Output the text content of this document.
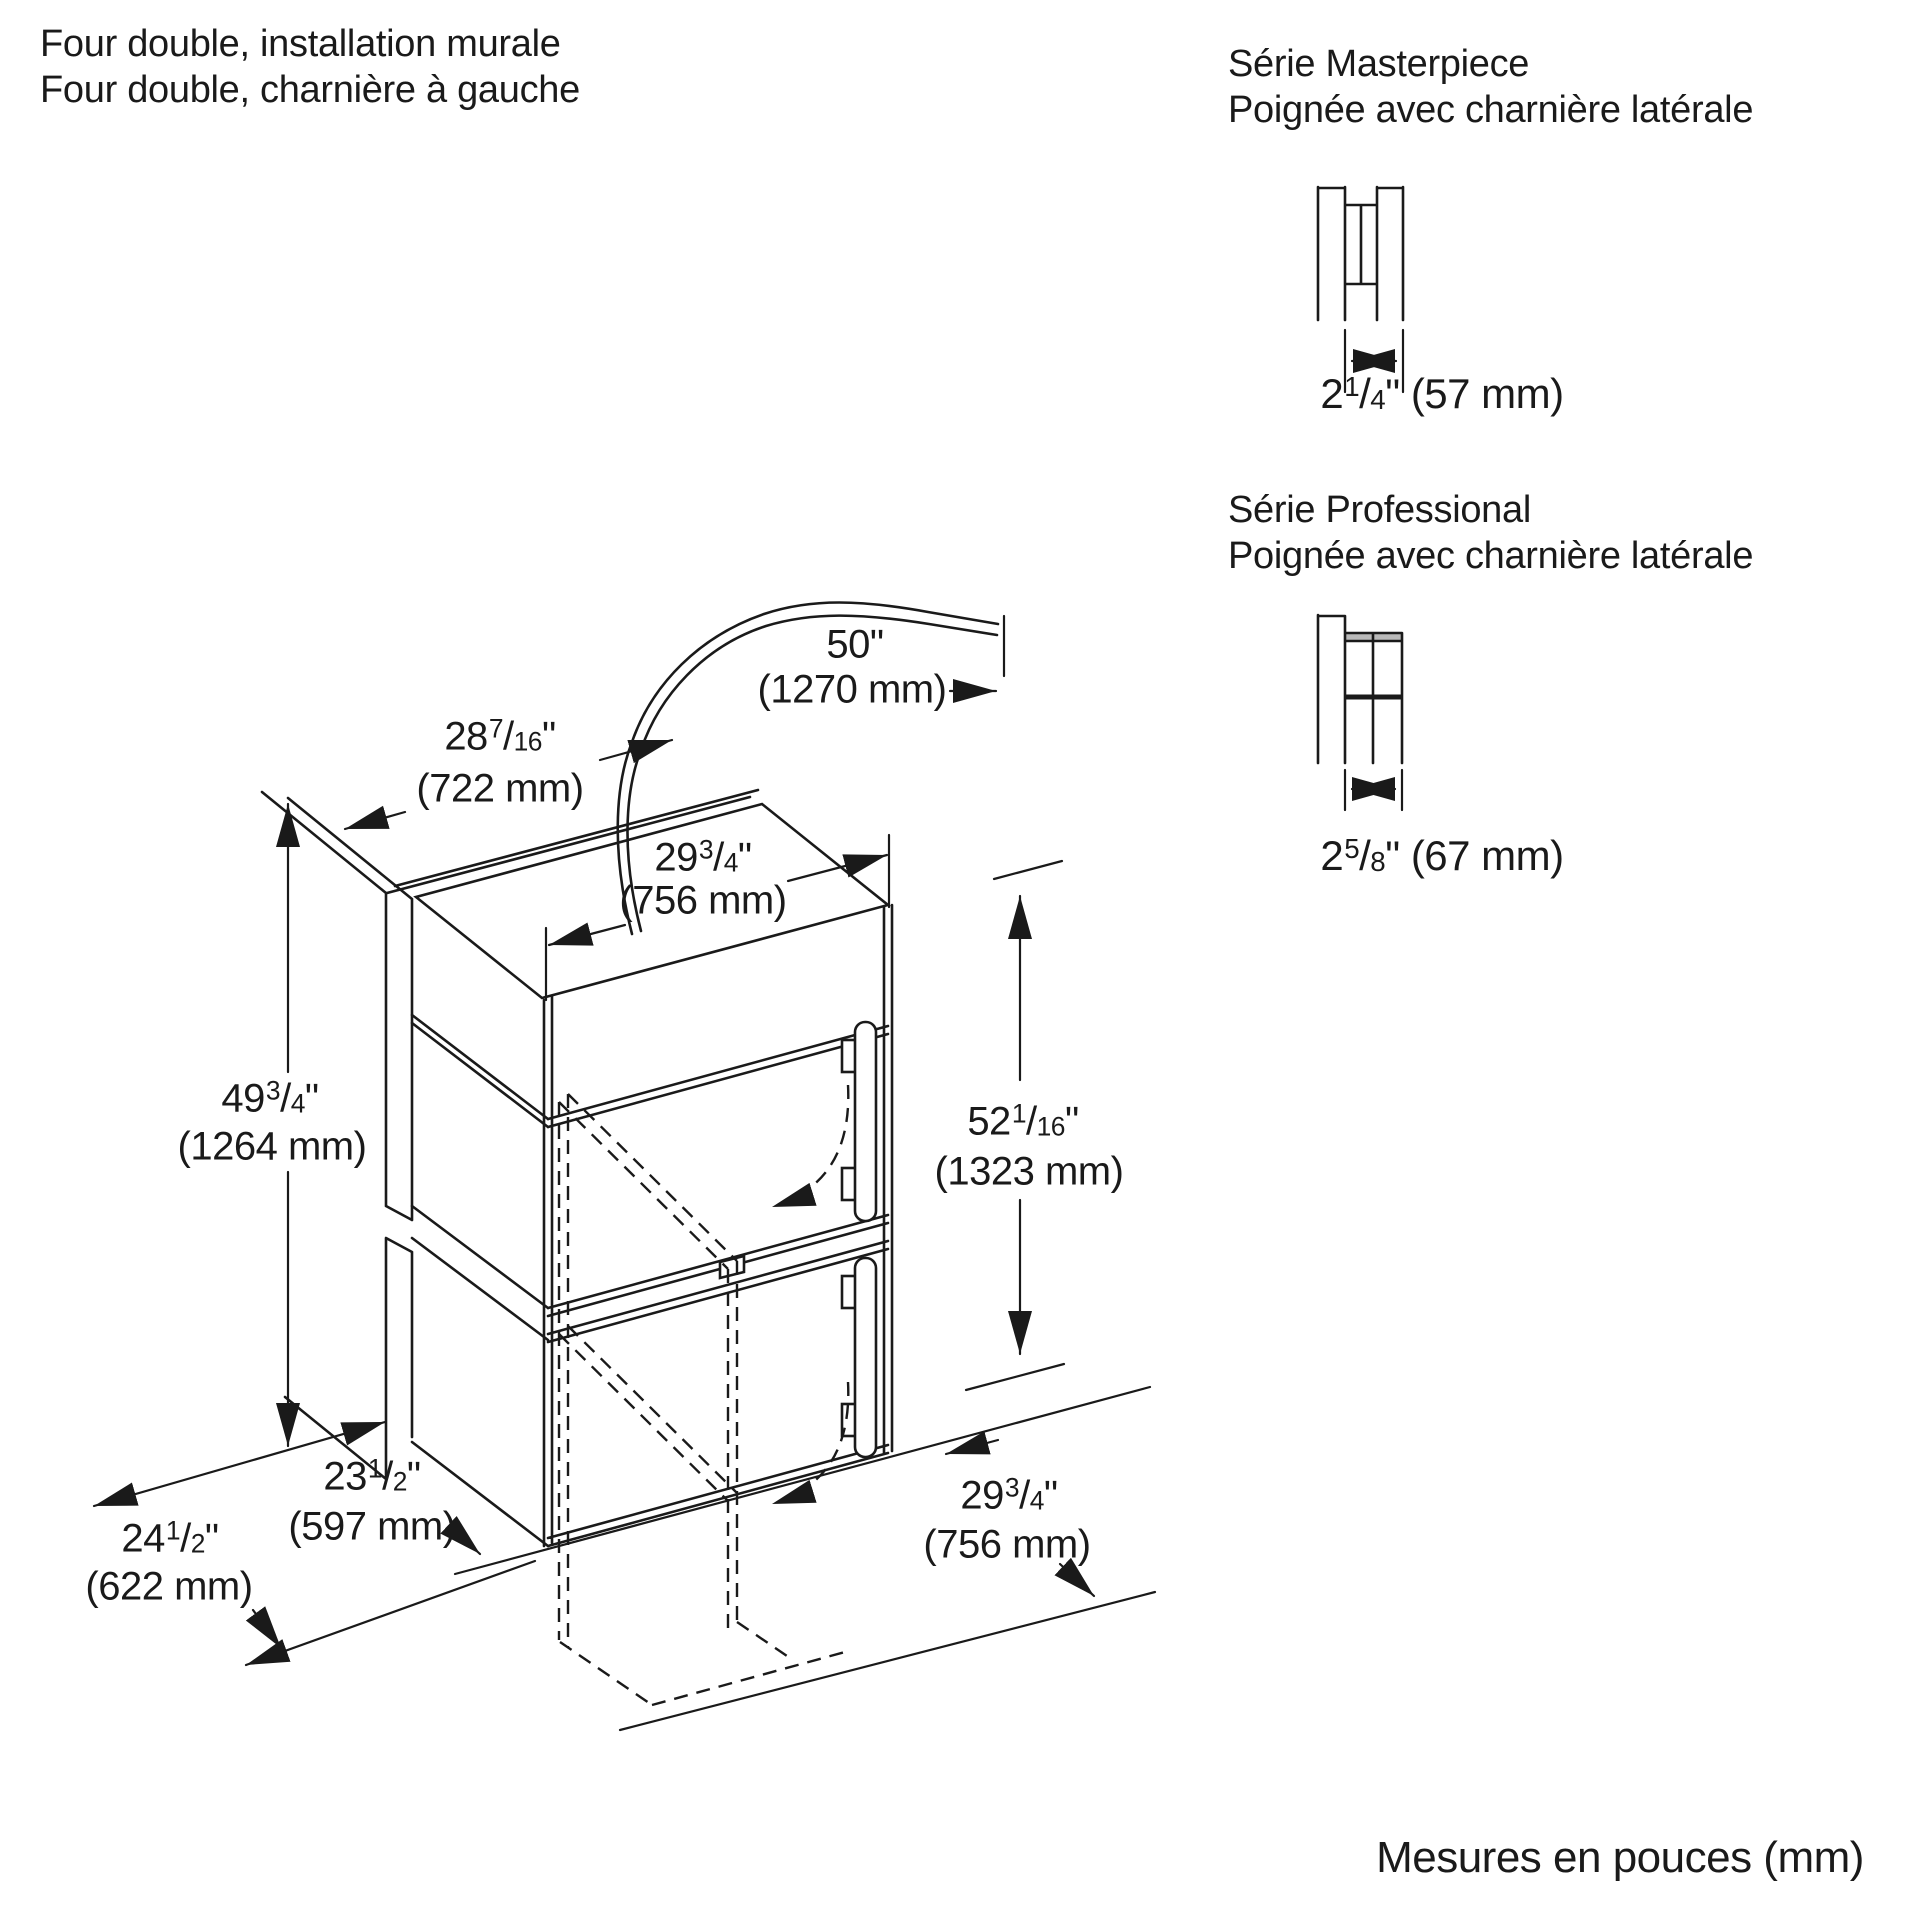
Four double, installation murale
Four double, charnière à gauche
Série Masterpiece
Poignée avec charnière latérale
Série Professional
Poignée avec charnière latérale
$2^1/4$" (57 mm)
$2^5/8$" (67 mm)
50"
(1270 mm)
$28^7/16$"
(722 mm)
$29^3/4$"
(756 mm)
$49^3/4$"
(1264 mm)
$52^1/16$"
(1323 mm)
$23^1/2$"
(597 mm)
$24^1/2$"
(622 mm)
$29^3/4$"
(756 mm)
Mesures en pouces (mm)
